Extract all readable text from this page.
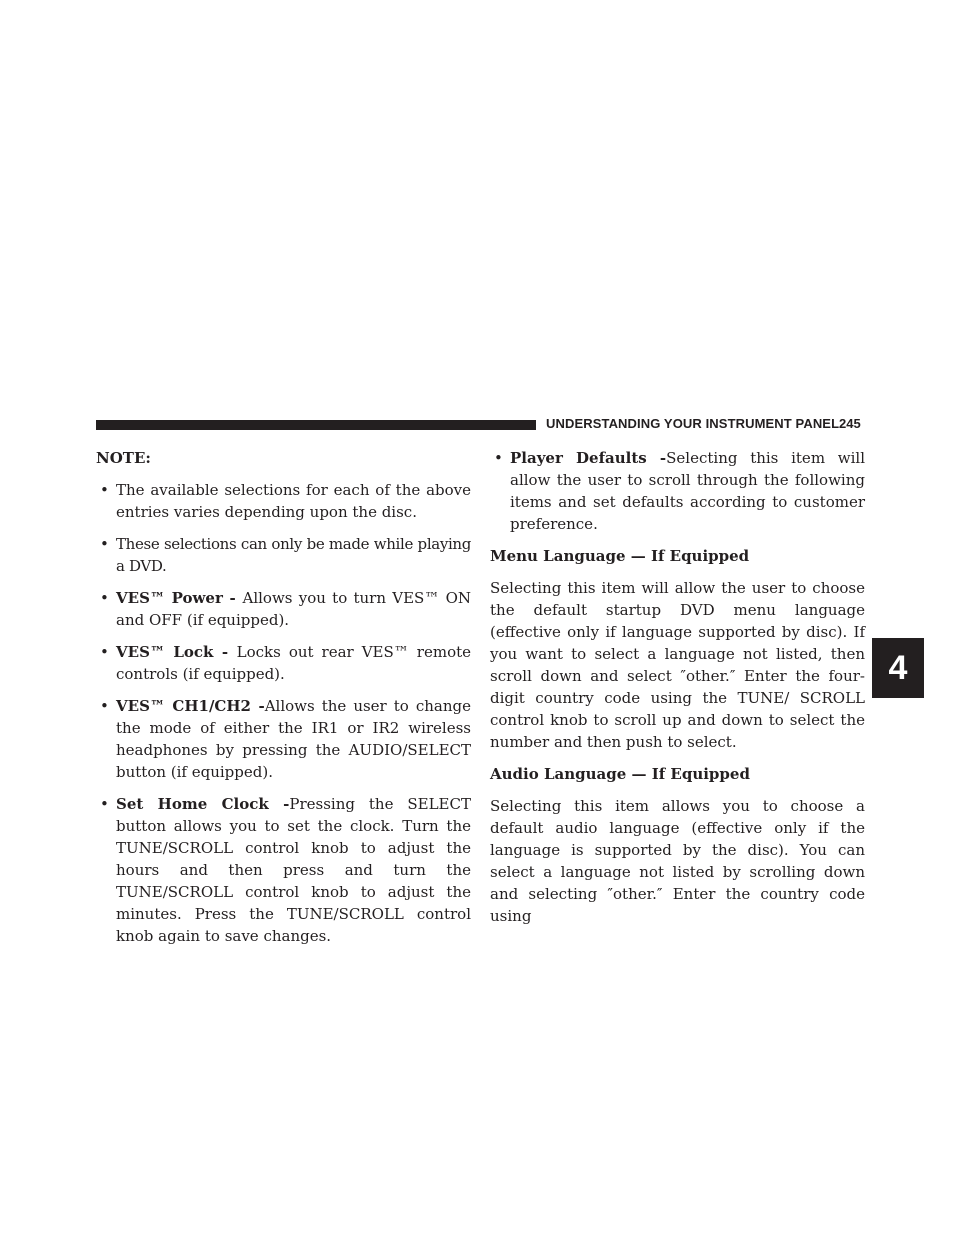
UNDERSTANDING YOUR INSTRUMENT PANEL 245
4

NOTE:

• The available selections for each of the above entries varies depending upon the disc.

• These selections can only be made while playing a DVD.

• VES™ Power - Allows you to turn VES™ ON and OFF (if equipped).

• VES™ Lock - Locks out rear VES™ remote controls (if equipped).

• VES™ CH1/CH2 -Allows the user to change the mode of either the IR1 or IR2 wireless headphones by pressing the AUDIO/SELECT button (if equipped).

• Set Home Clock -Pressing the SELECT button allows you to set the clock. Turn the TUNE/SCROLL control knob to adjust the hours and then press and turn the TUNE/SCROLL control knob to adjust the minutes. Press the TUNE/SCROLL control knob again to save changes.

• Player Defaults -Selecting this item will allow the user to scroll through the following items and set defaults according to customer preference.

Menu Language — If Equipped

Selecting this item will allow the user to choose the default startup DVD menu language (effective only if language supported by disc). If you want to select a language not listed, then scroll down and select ″other.″ Enter the four-digit country code using the TUNE/ SCROLL control knob to scroll up and down to select the number and then push to select.

Audio Language — If Equipped

Selecting this item allows you to choose a default audio language (effective only if the language is supported by the disc). You can select a language not listed by scrolling down and selecting ″other.″ Enter the country code using
